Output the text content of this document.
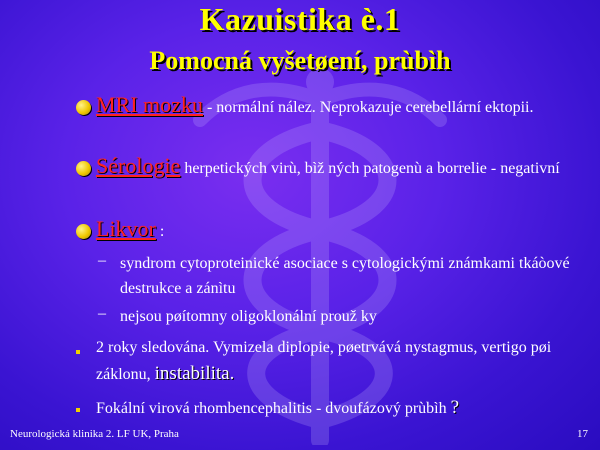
Kazuistika è.1
Pomocná vyšetøení, prùbìh
MRI mozku - normální nález. Neprokazuje cerebellární ektopii.
Sérologie herpetických virù, bìž ných patogenù a borrelie - negativní
Likvor :
– syndrom cytoproteinické asociace s cytologickými známkami tkáòové destrukce a zánìtu
– nejsou pøítomny oligoklonální prouž ky
2 roky sledována. Vymizela diplopie, pøetrvává nystagmus, vertigo pøi záklonu, instabilita.
Fokální virová rhombencephalitis - dvoufázový prùbìh ?
Neurologická klinika 2. LF UK, Praha	17
